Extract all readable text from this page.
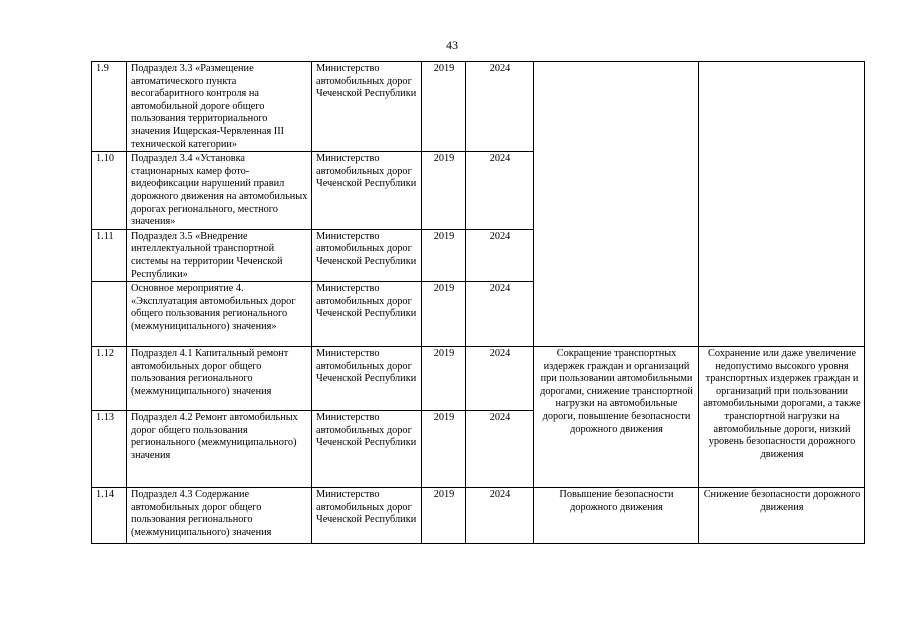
43
1.9	Подраздел 3.3 «Размещение автоматического пункта весогабаритного контроля на автомобильной дороге общего пользования территориального значения Ищерская-Червленная III технической категории»	Министерство автомобильных дорог Чеченской Республики	2019	2024		
1.10	Подраздел 3.4 «Установка стационарных камер фото-видеофиксации нарушений правил дорожного движения на автомобильных дорогах регионального, местного значения»	Министерство автомобильных дорог Чеченской Республики	2019	2024		
1.11	Подраздел 3.5 «Внедрение интеллектуальной транспортной системы на территории Чеченской Республики»	Министерство автомобильных дорог Чеченской Республики	2019	2024		
	Основное мероприятие 4. «Эксплуатация автомобильных дорог общего пользования регионального (межмуниципального) значения»	Министерство автомобильных дорог Чеченской Республики	2019	2024		
1.12	Подраздел 4.1 Капитальный ремонт автомобильных дорог общего пользования регионального (межмуниципального) значения	Министерство автомобильных дорог Чеченской Республики	2019	2024	Сокращение транспортных издержек граждан и организаций при пользовании автомобильными дорогами, снижение транспортной нагрузки на автомобильные дороги, повышение безопасности дорожного движения	Сохранение или даже увеличение недопустимо высокого уровня транспортных издержек граждан и организаций при пользовании автомобильными дорогами, а также транспортной нагрузки на автомобильные дороги, низкий уровень безопасности дорожного движения
1.13	Подраздел 4.2 Ремонт автомобильных дорог общего пользования регионального (межмуниципального) значения	Министерство автомобильных дорог Чеченской Республики	2019	2024		
1.14	Подраздел 4.3 Содержание автомобильных дорог общего пользования регионального (межмуниципального) значения	Министерство автомобильных дорог Чеченской Республики	2019	2024	Повышение безопасности дорожного движения	Снижение безопасности дорожного движения
